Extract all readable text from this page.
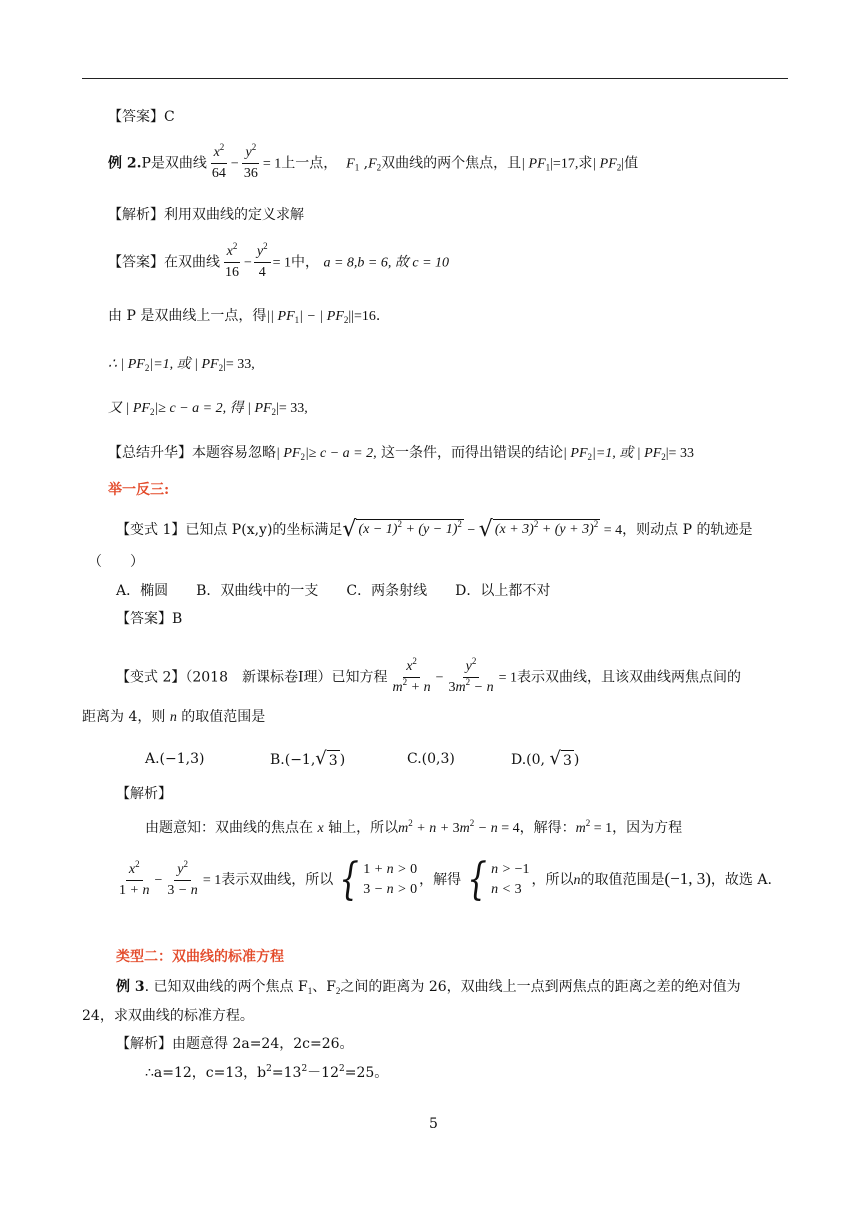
【答案】C
例 2.P是双曲线 $\frac{x^2}{64} - \frac{y^2}{36} = 1$上一点， $F_1$ $,F_2$双曲线的两个焦点，且| $PF_1|=17$,求| $PF_2|$值
【解析】利用双曲线的定义求解
【答案】在双曲线 $\frac{x^2}{16} - \frac{y^2}{4} = 1$中， a = 8,b = 6, 故 c = 10
由 P 是双曲线上一点，得|| $PF_1|$ − | $PF_2||=16$.
∴ | $PF_2|=1$, 或 | $PF_2|= 33$,
又 | $PF_2|\ge c - a = 2$, 得 | $PF_2|= 33$,
【总结升华】本题容易忽略| $PF_2|\ge c - a = 2$, 这一条件，而得出错误的结论| $PF_2|=1$, 或 | $PF_2|= 33$
举一反三:
【变式 1】已知点 P(x,y)的坐标满足 √ $(x - 1)^2 + (y - 1)^2$ − √ $(x + 3)^2 + (y + 3)^2 = 4$，则动点 P 的轨迹是
（　　）
A．椭圆　　B．双曲线中的一支　　C．两条射线　　D．以上都不对
【答案】B
【变式 2】（2018　新课标卷Ⅰ理）已知方程 $\frac{x^2}{m^2 + n} - \frac{y^2}{3m^2 - n} = 1$表示双曲线，且该双曲线两焦点间的
距离为 4，则 n 的取值范围是
A.(−1,3)	B.(−1, √ 3 )	C.(0,3)	D.(0, √ 3 )
【解析】
由题意知：双曲线的焦点在 x 轴上，所以$m^2 + n + 3m^2 - n = 4$，解得：$m^2 = 1$，因为方程
$\frac{x^2}{1 + n} - \frac{y^2}{3 - n} = 1$表示双曲线，所以 { 1 + n > 0
3 − n > 0
，解得 { n > −1
n < 3
，所以n的取值范围是(−1, 3)，故选 A.
类型二：双曲线的标准方程
例 3. 已知双曲线的两个焦点 $F_1$、$F_2$之间的距离为 26，双曲线上一点到两焦点的距离之差的绝对值为
24，求双曲线的标准方程。
【解析】由题意得 2a=24，2c=26。
∴a=12，c=13，$b^2=13^2-12^2=25$。
5
